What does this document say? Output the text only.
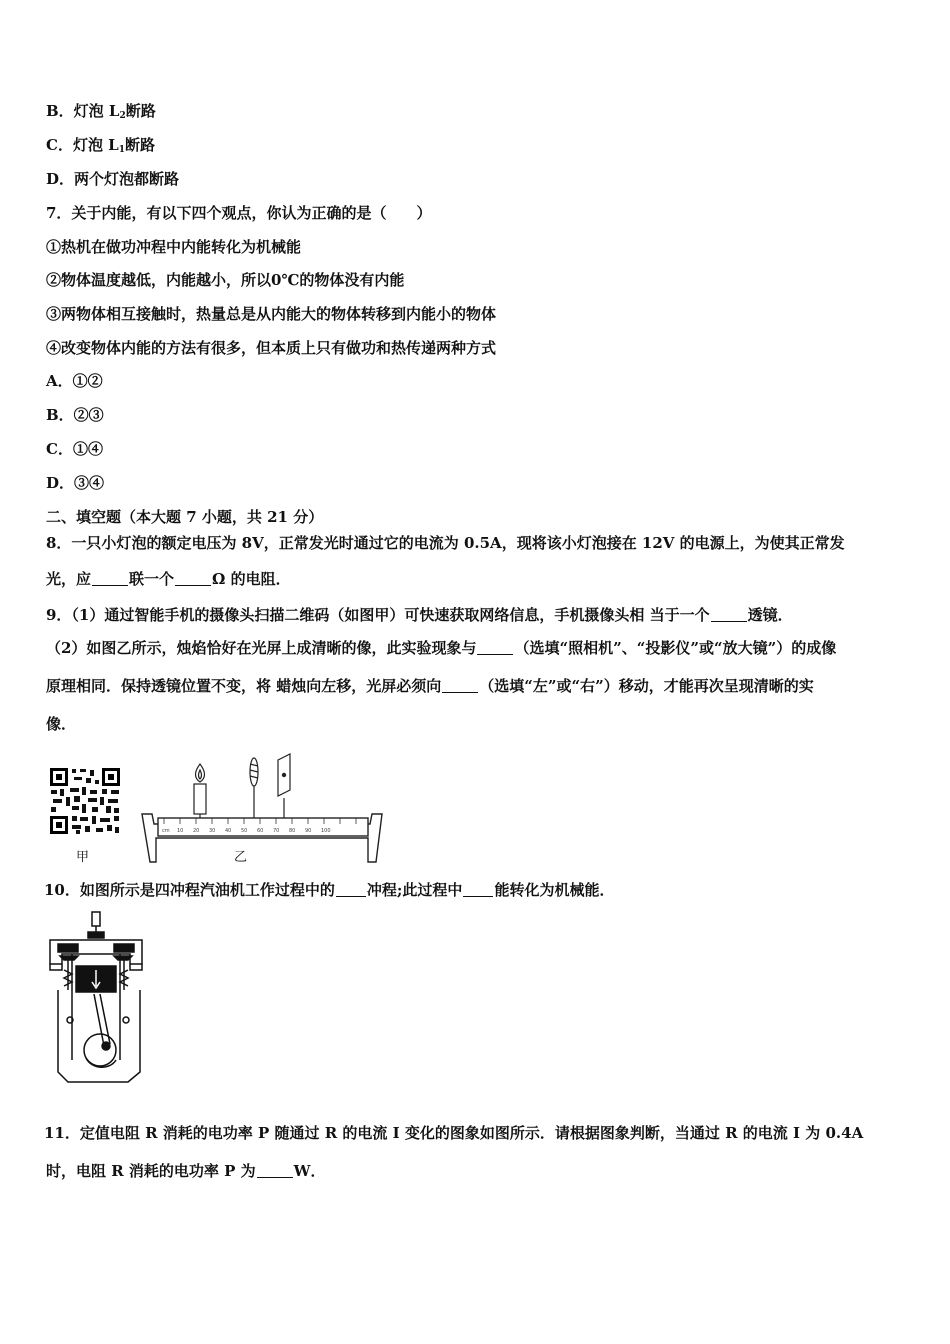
B．灯泡 $L_2$断路
C．灯泡 $L_1$断路
D．两个灯泡都断路
7．关于内能，有以下四个观点，你认为正确的是（　　）
①热机在做功冲程中内能转化为机械能
②物体温度越低，内能越小，所以0℃的物体没有内能
③两物体相互接触时，热量总是从内能大的物体转移到内能小的物体
④改变物体内能的方法有很多，但本质上只有做功和热传递两种方式
A．①②
B．②③
C．①④
D．③④
二、填空题（本大题 7 小题，共 21 分）
8．一只小灯泡的额定电压为 8V，正常发光时通过它的电流为 0.5A，现将该小灯泡接在 12V 的电源上，为使其正常发
光，应	联一个	Ω 的电阻．
9．（1）通过智能手机的摄像头扫描二维码（如图甲）可快速获取网络信息，手机摄像头相 当于一个	透镜．
（2）如图乙所示，烛焰恰好在光屏上成清晰的像，此实验现象与	（选填“照相机”、“投影仪”或“放大镜”）的成像
原理相同．保持透镜位置不变，将 蜡烛向左移，光屏必须向	（选填“左”或“右”）移动，才能再次呈现清晰的实
像．
甲
cm 10 20 30 40 50 60 70 80 90 100
乙
10．如图所示是四冲程汽油机工作过程中的 冲程;此过程中 能转化为机械能．
11．定值电阻 R 消耗的电功率 P 随通过 R 的电流 I 变化的图象如图所示．请根据图象判断，当通过 R 的电流 I 为 0.4A
时，电阻 R 消耗的电功率 P 为	W．
